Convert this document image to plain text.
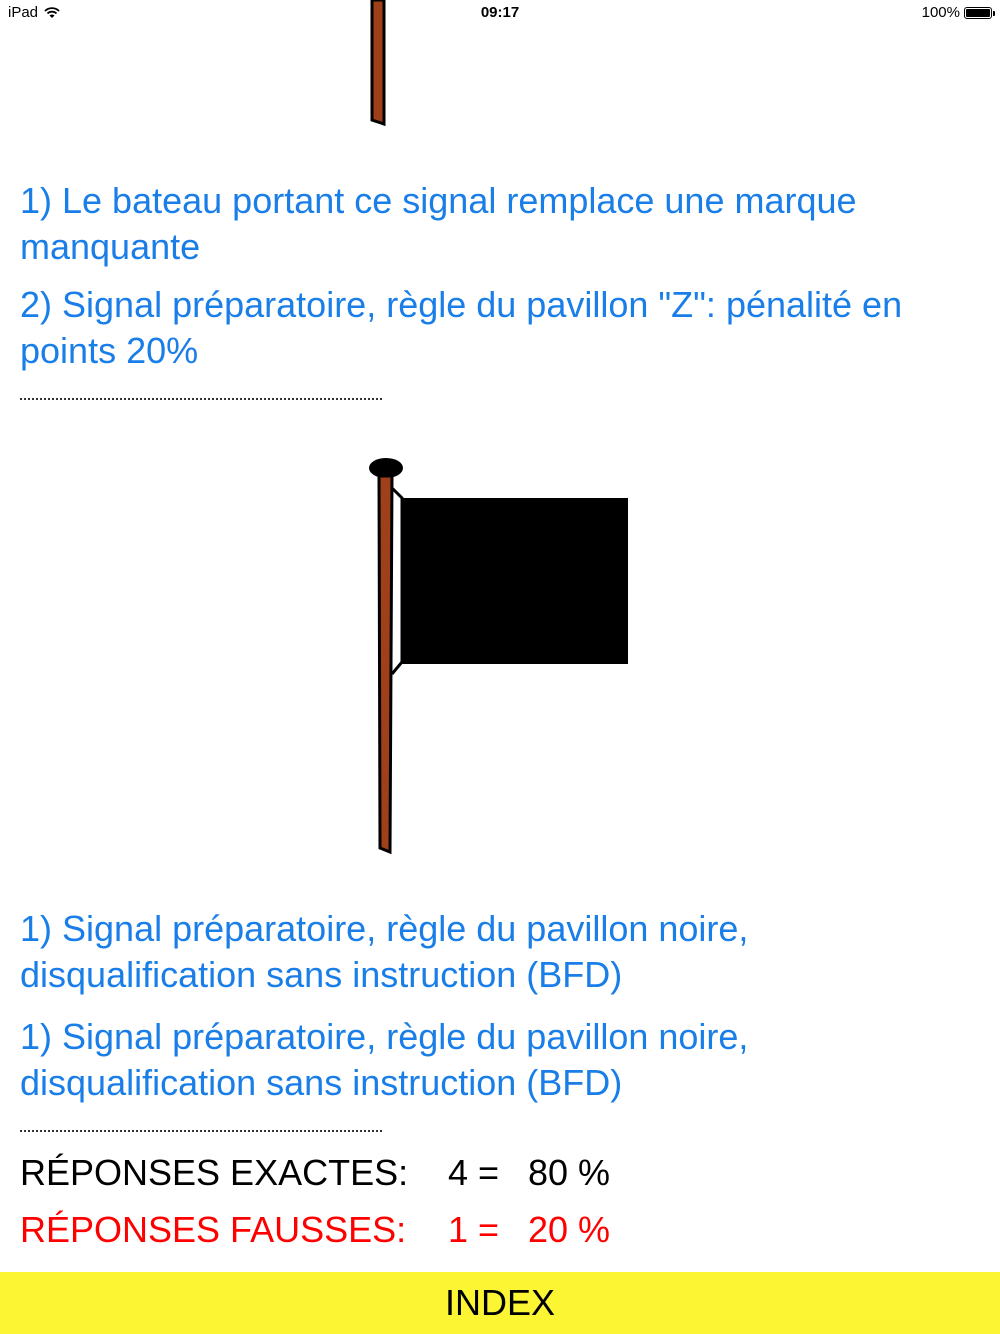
iPad	09:17	100%

1) Le bateau portant ce signal remplace une marque manquante

2) Signal préparatoire, règle du pavillon "Z": pénalité en points 20%

1) Signal préparatoire, règle du pavillon noire, disqualification sans instruction (BFD)

1) Signal préparatoire, règle du pavillon noire, disqualification sans instruction (BFD)

RÉPONSES EXACTES: 4 = 80 %
RÉPONSES FAUSSES: 1 = 20 %
INDEX
